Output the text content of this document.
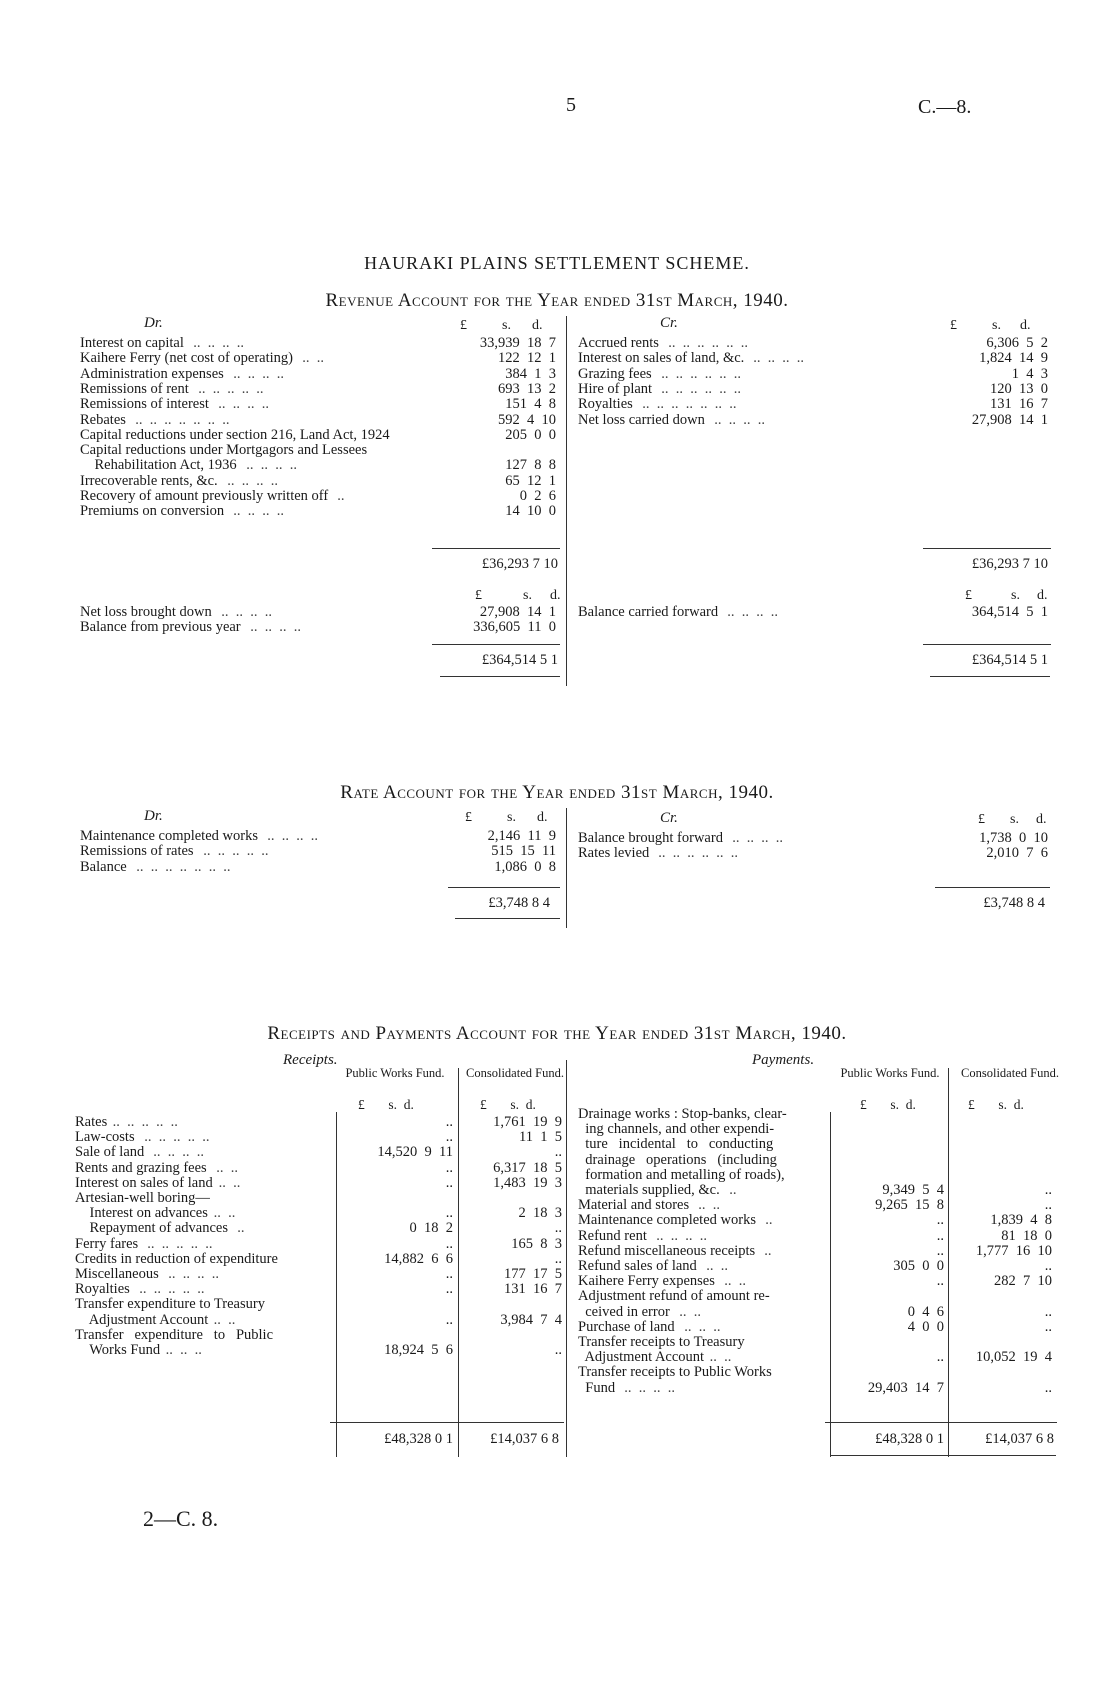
5	C.—8.
HAURAKI PLAINS SETTLEMENT SCHEME.
Revenue Account for the Year ended 31st March, 1940.
Dr.	Cr.
£	s. d.	£	s. d.
Interest on capital ..  ..  ..  ..	33,939  18  7
Kaihere Ferry (net cost of operating) ..  ..	122  12  1
Administration expenses ..  ..  ..  ..	384  1  3
Remissions of rent ..  ..  ..  ..  ..	693  13  2
Remissions of interest ..  ..  ..  ..	151  4  8
Rebates ..  ..  ..  ..  ..  ..  ..	592  4  10
Capital reductions under section 216, Land Act, 1924	205  0  0
Capital reductions under Mortgagors and Lessees
Rehabilitation Act, 1936 ..  ..  ..  ..	127  8  8
Irrecoverable rents, &c. ..  ..  ..  ..	65  12  1
Recovery of amount previously written off ..	0  2  6
Premiums on conversion ..  ..  ..  ..	14  10  0
Accrued rents ..  ..  ..  ..  ..  ..	6,306  5  2
Interest on sales of land, &c. ..  ..  ..  ..	1,824  14  9
Grazing fees ..  ..  ..  ..  ..  ..	1  4  3
Hire of plant ..  ..  ..  ..  ..  ..	120  13  0
Royalties ..  ..  ..  ..  ..  ..  ..	131  16  7
Net loss carried down ..  ..  ..  ..	27,908  14  1
£36,293 7 10	£36,293 7 10
£	s. d.	£	s. d.
Net loss brought down ..  ..  ..  ..	27,908  14  1
Balance from previous year ..  ..  ..  ..	336,605  11  0
Balance carried forward ..  ..  ..  ..	364,514  5  1
£364,514 5 1	£364,514 5 1
Rate Account for the Year ended 31st March, 1940.
Dr.	Cr.
£	s. d.	£ s. d.
Maintenance completed works ..  ..  ..  ..	2,146  11  9
Remissions of rates ..  ..  ..  ..  ..	515  15  11
Balance ..  ..  ..  ..  ..  ..  ..	1,086  0  8
Balance brought forward ..  ..  ..  ..	1,738  0  10
Rates levied ..  ..  ..  ..  ..  ..	2,010  7  6
£3,748 8 4	£3,748 8 4
Receipts and Payments Account for the Year ended 31st March, 1940.
Receipts.	Payments.
Public Works Fund. Consolidated Fund.
£       s.  d.	£       s.  d.
Public Works Fund. Consolidated Fund.
£       s.  d.	£       s.  d.
Rates ..  ..  ..  ..  ..	..	1,761  19  9
Law-costs ..  ..  ..  ..  ..	..	11  1  5
Sale of land ..  ..  ..  ..	14,520  9  11	..
Rents and grazing fees ..  ..	..	6,317  18  5
Interest on sales of land ..  ..	..	1,483  19  3
Artesian-well boring—
Interest on advances ..  ..	..	2  18  3
Repayment of advances ..	0  18  2	..
Ferry fares ..  ..  ..  ..  ..	..	165  8  3
Credits in reduction of expenditure	14,882  6  6	..
Miscellaneous ..  ..  ..  ..	..	177  17  5
Royalties ..  ..  ..  ..  ..	..	131  16  7
Transfer expenditure to Treasury
Adjustment Account ..  ..	..	3,984  7  4
Transfer   expenditure   to   Public
Works Fund ..  ..  ..	18,924  5  6	..
Drainage works : Stop-banks, clear-
ing channels, and other expendi-
ture   incidental   to   conducting
drainage   operations   (including
formation and metalling of roads),
materials supplied, &c. ..	9,349  5  4	..
Material and stores ..  ..	9,265  15  8	..
Maintenance completed works ..	..	1,839  4  8
Refund rent ..  ..  ..  ..	..	81  18  0
Refund miscellaneous receipts ..	.. 1,777  16  10
Refund sales of land ..  ..	305  0  0	..
Kaihere Ferry expenses ..  ..	..	282  7  10
Adjustment refund of amount re-
ceived in error ..  ..	0  4  6	..
Purchase of land ..  ..  ..	4  0  0	..
Transfer receipts to Treasury
Adjustment Account ..  ..	.. 10,052  19  4
Transfer receipts to Public Works
Fund ..  ..  ..  ..	29,403  14  7	..
£48,328 0 1	£14,037 6 8	£48,328 0 1	£14,037 6 8
2—C. 8.
